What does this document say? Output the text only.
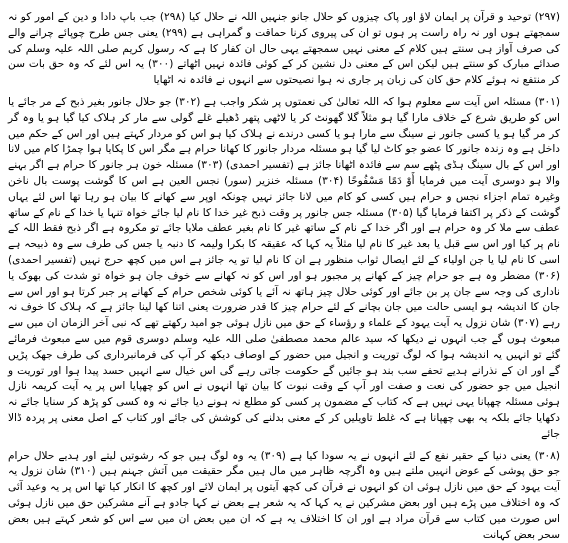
(۲۹۷) توحید و قرآن پر ایمان لاؤ اور پاک چیزوں کو حلال جانو جنہیں اللہ نے حلال کیا (۲۹۸) جب باپ دادا و دین کے امور کو نہ سمجھتے ہوں اور نہ راہ راست پر ہوں تو ان کی پیروی کرنا حماقت و گمراہی ہے (۲۹۹) یعنی جس طرح چوپائے چرانے والے کی صرف آواز ہی سنتے ہیں کلام کے معنی نہیں سمجھتے یہی حال ان کفار کا ہے کہ رسول کریم صلی اللہ علیہ وسلم کی صدائے مبارک کو سنتے ہیں لیکن اس کے معنی دل نشین کر کے کوئی فائدہ نہیں اٹھاتے (۳۰۰) یہ اس لئے کہ وہ حق بات سن کر منتفع نہ ہوئے کلام حق کان کی زبان پر جاری نہ ہوا نصیحتوں سے انہوں نے فائدہ نہ اٹھایا

(۳۰۱) مسئلہ اس آیت سے معلوم ہوا کہ اللہ تعالیٰ کی نعمتوں پر شکر واجب ہے (۳۰۲) جو حلال جانور بغیر ذبح کے مر جائے یا اس کو طریق شرع کے خلاف مارا گیا ہو مثلاً گلا گھونٹ کر یا لاٹھی پتھر ڈھیلے غلے گولی سے مار کر ہلاک کیا گیا ہو یا وہ گر کر مر گیا ہو یا کسی جانور نے سینگ سے مارا ہو یا کسی درندے نے ہلاک کیا ہو اس کو مردار کہتے ہیں اور اس کے حکم میں داخل ہے وہ زندہ جانور کا عضو جو کاٹ لیا گیا ہو مسئلہ مردار جانور کا کھانا حرام ہے مگر اس کا پکایا ہوا چمڑا کام میں لانا اور اس کے بال سینگ ہڈی پٹھے سم سے فائدہ اٹھانا جائز ہے (تفسیر احمدی) (۳۰۳) مسئلہ خون ہر جانور کا حرام ہے اگر بہنے والا ہو دوسری آیت میں فرمایا أَوْ دَمًا مَسْفُوحًا (۳۰۴) مسئلہ خنزیر (سور) نجس العین ہے اس کا گوشت پوست بال ناخن وغیرہ تمام اجزاء نجس و حرام ہیں کسی کو کام میں لانا جائز نہیں چونکہ اوپر سے کھانے کا بیان ہو رہا تھا اس لئے یہاں گوشت کے ذکر پر اکتفا فرمایا گیا (۳۰۵) مسئلہ جس جانور پر وقت ذبح غیر خدا کا نام لیا جائے خواہ تنہا یا خدا کے نام کے ساتھ عطف سے ملا کر وہ حرام ہے اور اگر خدا کے نام کے ساتھ غیر کا نام بغیر عطف ملایا جائے تو مکروہ ہے اگر ذبح فقط اللہ کے نام پر کیا اور اس سے قبل یا بعد غیر کا نام لیا مثلاً یہ کہا کہ عقیقہ کا بکرا ولیمہ کا دنبہ یا جس کی طرف سے وہ ذبیحہ ہے اسی کا نام لیا یا جن اولیاء کے لئے ایصال ثواب منظور ہے ان کا نام لیا تو یہ جائز ہے اس میں کچھ حرج نہیں (تفسیر احمدی) (۳۰۶) مضطر وہ ہے جو حرام چیز کے کھانے پر مجبور ہو اور اس کو نہ کھانے سے خوف جان ہو خواہ تو شدت کی بھوک یا ناداری کی وجہ سے جان پر بن جائے اور کوئی حلال چیز ہاتھ نہ آئے یا کوئی شخص حرام کے کھانے پر جبر کرتا ہو اور اس سے جان کا اندیشہ ہو ایسی حالت میں جان بچانے کے لئے حرام چیز کا قدر ضرورت یعنی اتنا کھا لینا جائز ہے کہ ہلاک کا خوف نہ رہے (۳۰۷) شان نزول یہ آیت یہود کے علماء و رؤساء کے حق میں نازل ہوئی جو امید رکھتے تھے کہ نبی آخر الزمان ان میں سے مبعوث ہوں گے جب انہوں نے دیکھا کہ سید عالم محمد مصطفیٰ صلی اللہ علیہ وسلم دوسری قوم میں سے مبعوث فرمائے گئے تو انہیں یہ اندیشہ ہوا کہ لوگ توریت و انجیل میں حضور کے اوصاف دیکھ کر آپ کی فرمانبرداری کی طرف جھک پڑیں گے اور ان کے نذرانے ہدیے تحفے سب بند ہو جائیں گے حکومت جاتی رہے گی اس خیال سے انہیں حسد پیدا ہوا اور توریت و انجیل میں جو حضور کی نعت و صفت اور آپ کے وقت نبوت کا بیان تھا انہوں نے اس کو چھپایا اس پر یہ آیت کریمہ نازل ہوئی مسئلہ چھپانا یہی نہیں ہے کہ کتاب کے مضمون پر کسی کو مطلع نہ ہونے دیا جائے نہ وہ کسی کو پڑھ کر سنایا جائے نہ دکھایا جائے بلکہ یہ بھی چھپانا ہے کہ غلط تاویلیں کر کے معنی بدلنے کی کوشش کی جائے اور کتاب کے اصل معنی پر پردہ ڈالا جائے

(۳۰۸) یعنی دنیا کے حقیر نفع کے لئے انہوں نے یہ سودا کیا ہے (۳۰۹) یہ وہ لوگ ہیں جو کہ رشوتیں لیتے اور ہدیے حلال حرام جو حق پوشی کے عوض انہیں ملتے ہیں وہ اگرچہ ظاہر میں مال ہیں مگر حقیقت میں آتش جہنم ہیں (۳۱۰) شان نزول یہ آیت یہود کے حق میں نازل ہوئی ان کو انہوں نے قرآن کی کچھ آیتوں پر ایمان لائے اور کچھ کا انکار کیا تھا اس پر یہ وعید آئی کہ وہ اختلاف میں پڑے ہیں اور بعض مشرکین نے یہ کہا کہ یہ شعر ہے بعض نے کہا جادو ہے آنے مشرکین حق میں نازل ہوئی اس صورت میں کتاب سے قرآن مراد ہے اور ان کا اختلاف یہ ہے کہ ان میں بعض ان میں سے اس کو شعر کہتے ہیں بعض سحر بعض کہانت
